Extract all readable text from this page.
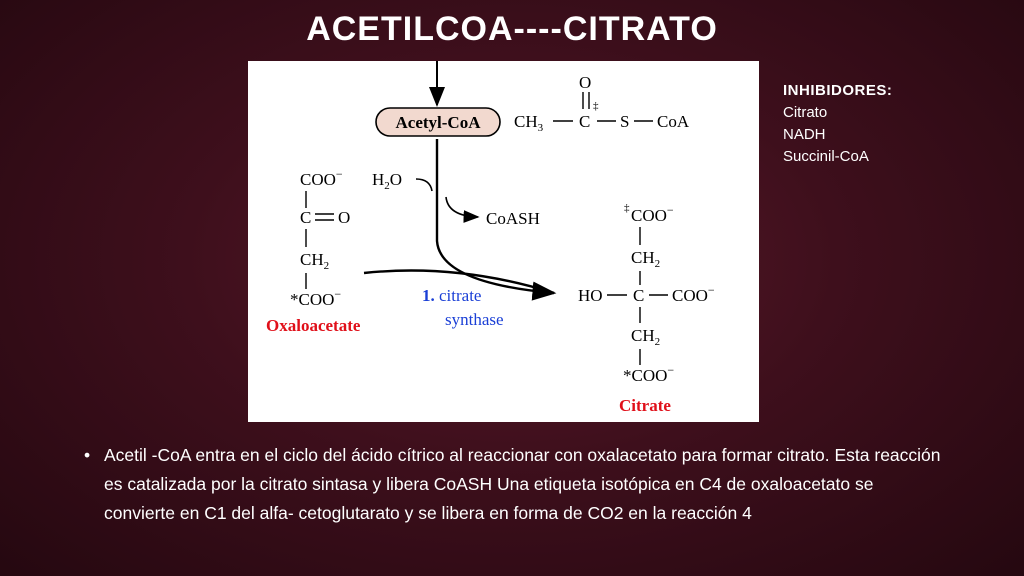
ACETILCOA----CITRATO
Acetyl-CoA $CH_3$ C
‡
O
S CoA
COO−
C O
$CH_2$
*COO−
Oxaloacetate
$H_2O$
CoASH
1. citrate
synthase
‡ COO−
$CH_2$
HO C COO−
$CH_2$
*COO−
Citrate
INHIBIDORES:
Citrato
NADH
Succinil-CoA
• Acetil -CoA entra en el ciclo del ácido cítrico al reaccionar con oxalacetato para formar citrato. Esta reacción es catalizada por la citrato sintasa y libera CoASH Una etiqueta isotópica en C4 de oxaloacetato se convierte en C1 del alfa- cetoglutarato y se libera en forma de CO2 en la reacción 4
